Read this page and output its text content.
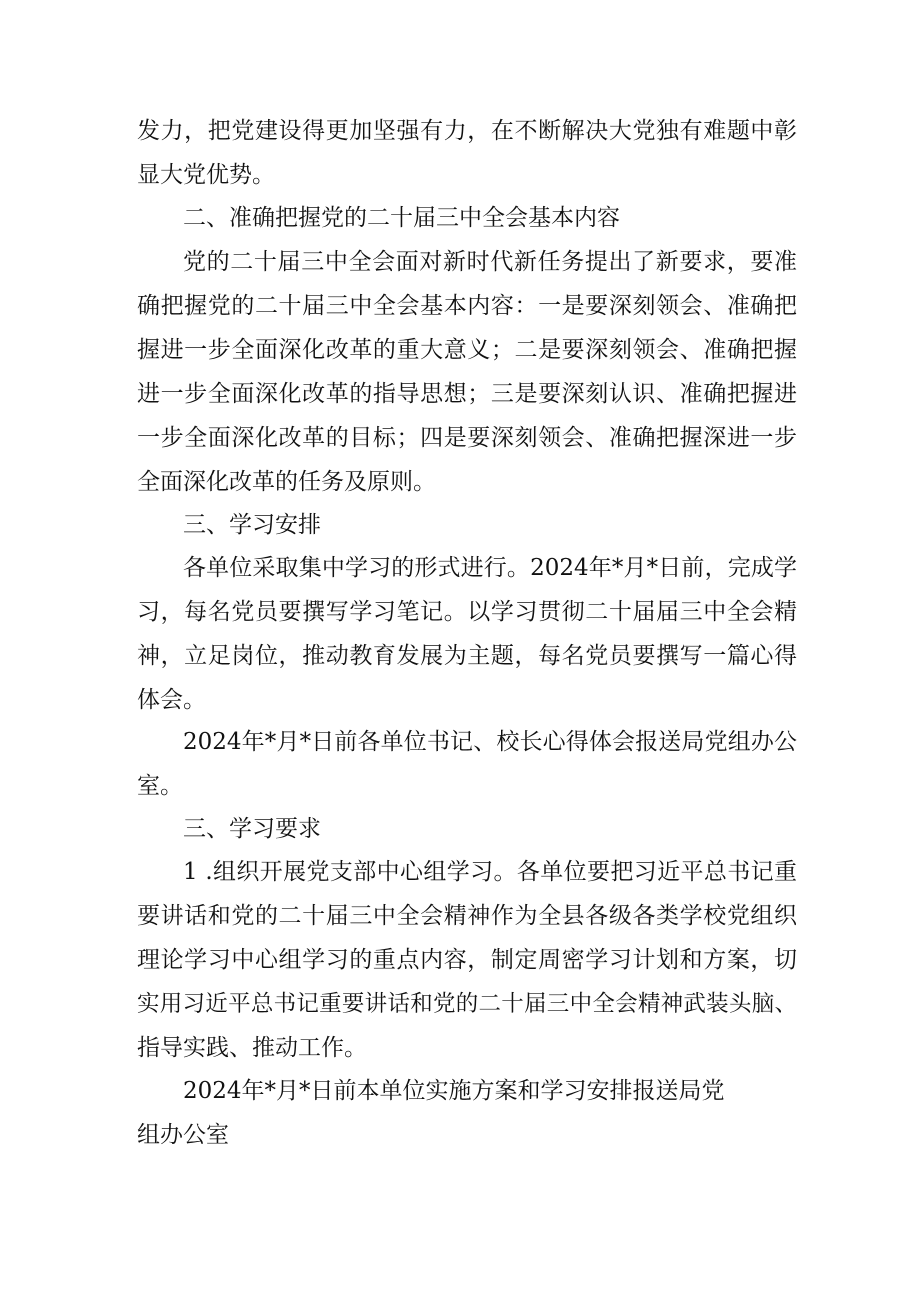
发力，把党建设得更加坚强有力，在不断解决大党独有难题中彰
显大党优势。
二、准确把握党的二十届三中全会基本内容
党的二十届三中全会面对新时代新任务提出了新要求，要准
确把握党的二十届三中全会基本内容：一是要深刻领会、准确把
握进一步全面深化改革的重大意义；二是要深刻领会、准确把握
进一步全面深化改革的指导思想；三是要深刻认识、准确把握进
一步全面深化改革的目标；四是要深刻领会、准确把握深进一步
全面深化改革的任务及原则。
三、学习安排
各单位采取集中学习的形式进行。2024年*月*日前，完成学
习，每名党员要撰写学习笔记。以学习贯彻二十届届三中全会精
神，立足岗位，推动教育发展为主题，每名党员要撰写一篇心得
体会。
2024年*月*日前各单位书记、校长心得体会报送局党组办公
室。
三、学习要求
1 .组织开展党支部中心组学习。各单位要把习近平总书记重
要讲话和党的二十届三中全会精神作为全县各级各类学校党组织
理论学习中心组学习的重点内容，制定周密学习计划和方案，切
实用习近平总书记重要讲话和党的二十届三中全会精神武装头脑、
指导实践、推动工作。
2024年*月*日前本单位实施方案和学习安排报送局党
组办公室
